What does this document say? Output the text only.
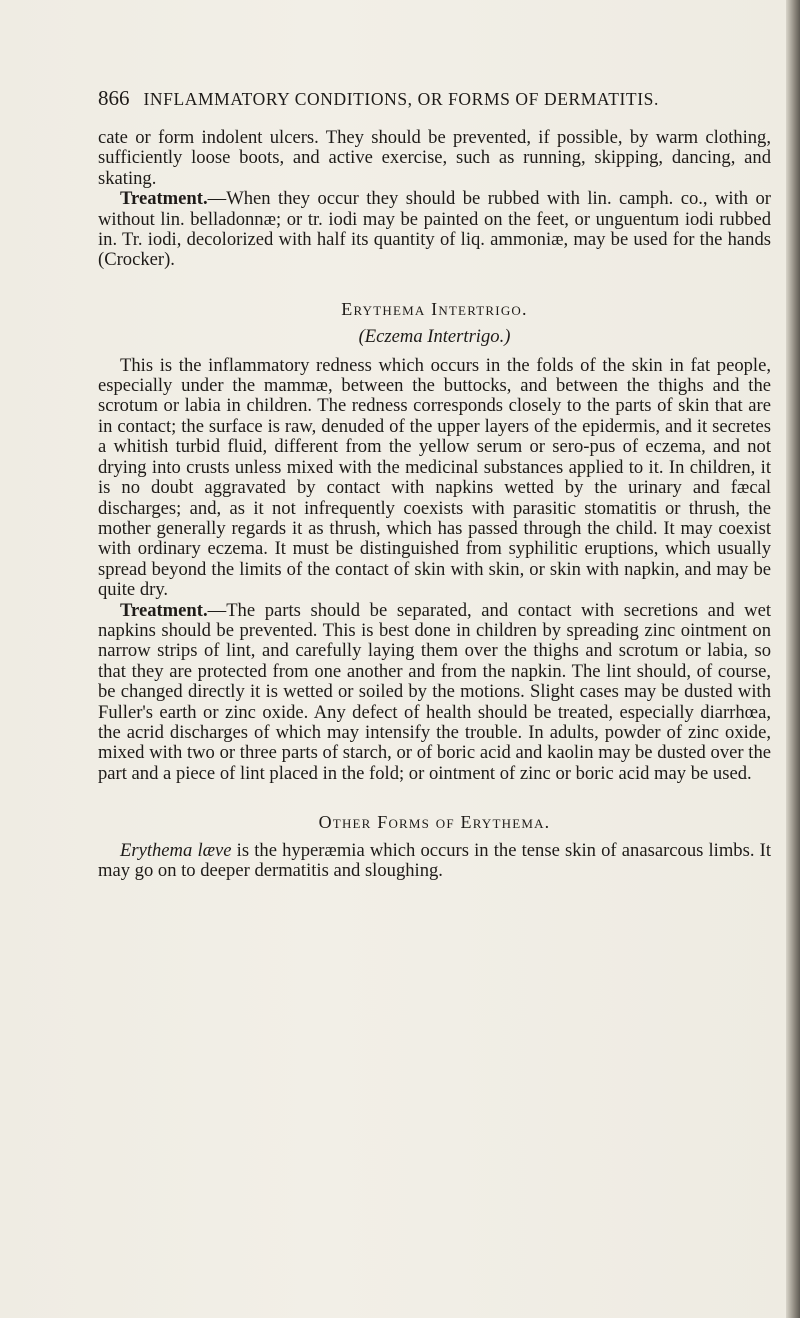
866 INFLAMMATORY CONDITIONS, OR FORMS OF DERMATITIS.

cate or form indolent ulcers. They should be prevented, if possible, by warm clothing, sufficiently loose boots, and active exercise, such as running, skipping, dancing, and skating.

Treatment.—When they occur they should be rubbed with lin. camph. co., with or without lin. belladonnæ; or tr. iodi may be painted on the feet, or unguentum iodi rubbed in. Tr. iodi, decolorized with half its quantity of liq. ammoniæ, may be used for the hands (Crocker).

Erythema Intertrigo.
(Eczema Intertrigo.)

This is the inflammatory redness which occurs in the folds of the skin in fat people, especially under the mammæ, between the buttocks, and between the thighs and the scrotum or labia in children. The redness corresponds closely to the parts of skin that are in contact; the surface is raw, denuded of the upper layers of the epidermis, and it secretes a whitish turbid fluid, different from the yellow serum or sero-pus of eczema, and not drying into crusts unless mixed with the medicinal substances applied to it. In children, it is no doubt aggravated by contact with napkins wetted by the urinary and fæcal discharges; and, as it not infrequently coexists with parasitic stomatitis or thrush, the mother generally regards it as thrush, which has passed through the child. It may coexist with ordinary eczema. It must be distinguished from syphilitic eruptions, which usually spread beyond the limits of the contact of skin with skin, or skin with napkin, and may be quite dry.

Treatment.—The parts should be separated, and contact with secretions and wet napkins should be prevented. This is best done in children by spreading zinc ointment on narrow strips of lint, and carefully laying them over the thighs and scrotum or labia, so that they are protected from one another and from the napkin. The lint should, of course, be changed directly it is wetted or soiled by the motions. Slight cases may be dusted with Fuller's earth or zinc oxide. Any defect of health should be treated, especially diarrhœa, the acrid discharges of which may intensify the trouble. In adults, powder of zinc oxide, mixed with two or three parts of starch, or of boric acid and kaolin may be dusted over the part and a piece of lint placed in the fold; or ointment of zinc or boric acid may be used.

Other Forms of Erythema.

Erythema læve is the hyperæmia which occurs in the tense skin of anasarcous limbs. It may go on to deeper dermatitis and sloughing.
